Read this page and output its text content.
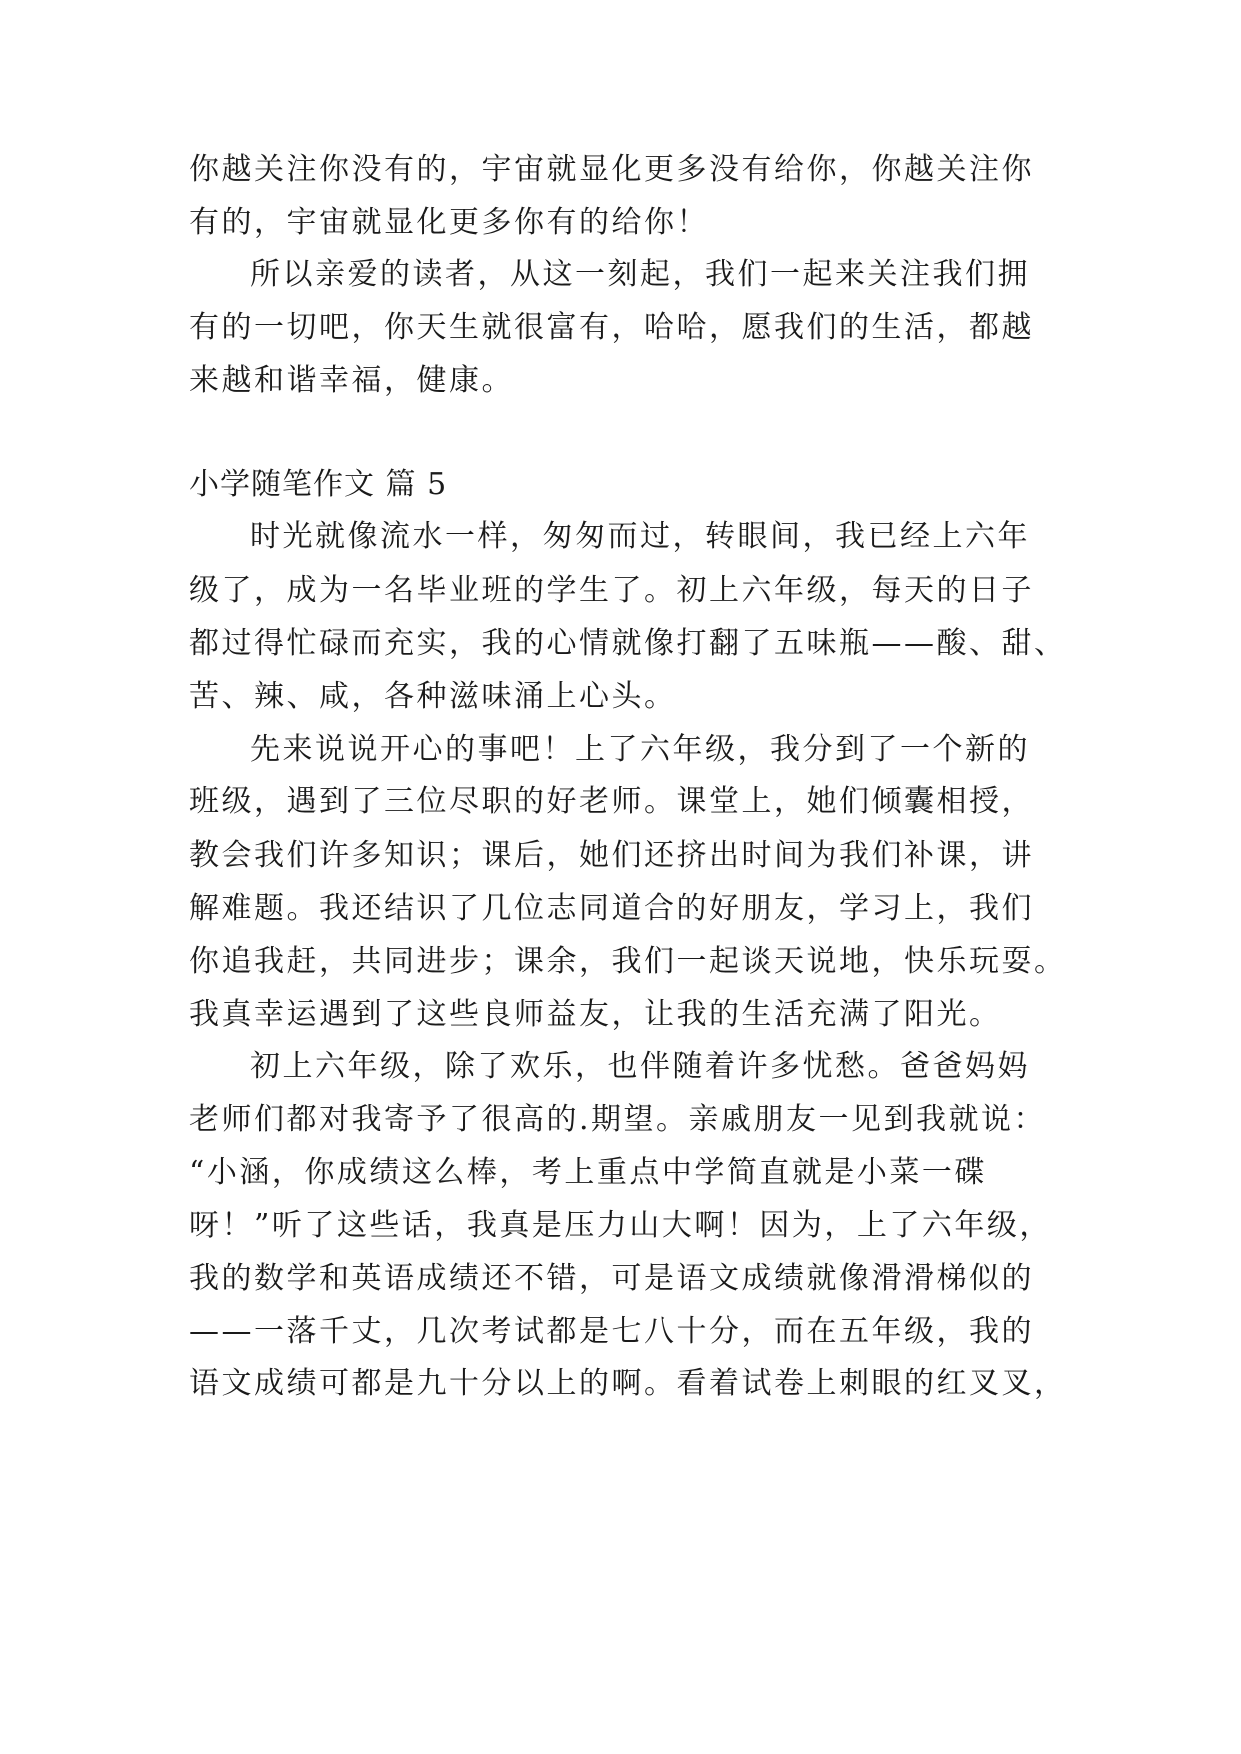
你越关注你没有的，宇宙就显化更多没有给你，你越关注你
有的，宇宙就显化更多你有的给你！
所以亲爱的读者，从这一刻起，我们一起来关注我们拥
有的一切吧，你天生就很富有，哈哈，愿我们的生活，都越
来越和谐幸福，健康。
小学随笔作文 篇 5
时光就像流水一样，匆匆而过，转眼间，我已经上六年
级了，成为一名毕业班的学生了。初上六年级，每天的日子
都过得忙碌而充实，我的心情就像打翻了五味瓶——酸、甜、
苦、辣、咸，各种滋味涌上心头。
先来说说开心的事吧！上了六年级，我分到了一个新的
班级，遇到了三位尽职的好老师。课堂上，她们倾囊相授，
教会我们许多知识；课后，她们还挤出时间为我们补课，讲
解难题。我还结识了几位志同道合的好朋友，学习上，我们
你追我赶，共同进步；课余，我们一起谈天说地，快乐玩耍。
我真幸运遇到了这些良师益友，让我的生活充满了阳光。
初上六年级，除了欢乐，也伴随着许多忧愁。爸爸妈妈
老师们都对我寄予了很高的.期望。亲戚朋友一见到我就说：
“小涵，你成绩这么棒，考上重点中学简直就是小菜一碟
呀！”听了这些话，我真是压力山大啊！因为，上了六年级，
我的数学和英语成绩还不错，可是语文成绩就像滑滑梯似的
——一落千丈，几次考试都是七八十分，而在五年级，我的
语文成绩可都是九十分以上的啊。看着试卷上刺眼的红叉叉，
